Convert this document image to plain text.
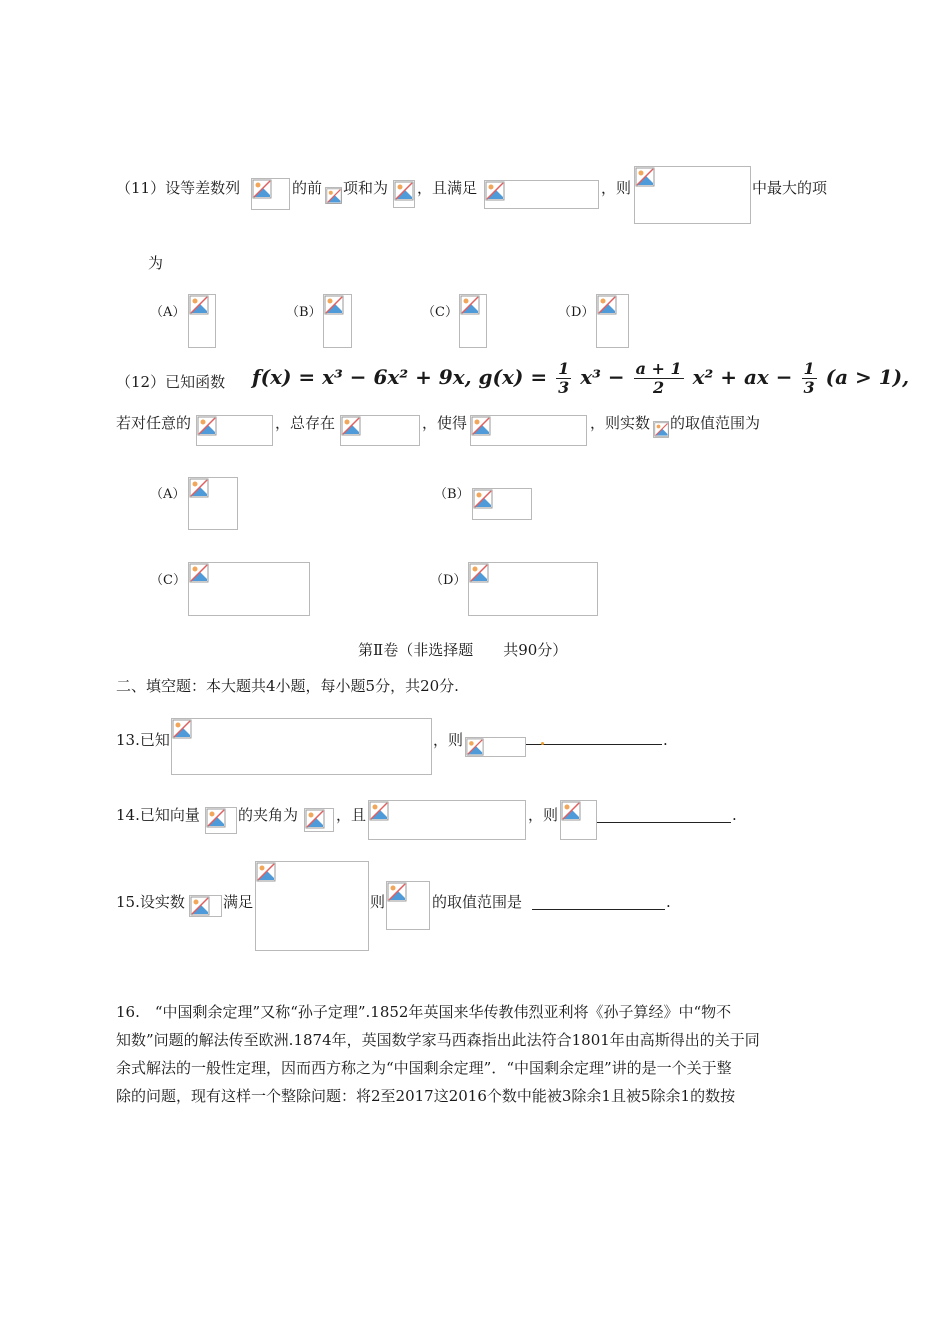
（11）设等差数列	的前 项和为 ，且满足	，则	中最大的项
为
（A）	（B）	（C）	（D）
（12）已知函数 f(x) = x³ − 6x² + 9x, $g(x) = \frac{1}{3} x^3 - \frac{a + 1}{2} x^2$ + ax − $\frac{1}{3} (a > 1)$,
若对任意的	，总存在	，使得	，则实数 的取值范围为
（A）	（B）
（C）	（D）
第Ⅱ卷（非选择题　　共90分）
二、填空题：本大题共4小题，每小题5分，共20分.
13.已知	，则	.
14.已知向量	的夹角为	，且	，则	.
15.设实数	满足	则	的取值范围是	.
16.　“中国剩余定理”又称“孙子定理”.1852年英国来华传教伟烈亚利将《孙子算经》中“物不
知数”问题的解法传至欧洲.1874年，英国数学家马西森指出此法符合1801年由高斯得出的关于同
余式解法的一般性定理，因而西方称之为“中国剩余定理”．“中国剩余定理”讲的是一个关于整
除的问题，现有这样一个整除问题：将2至2017这2016个数中能被3除余1且被5除余1的数按
